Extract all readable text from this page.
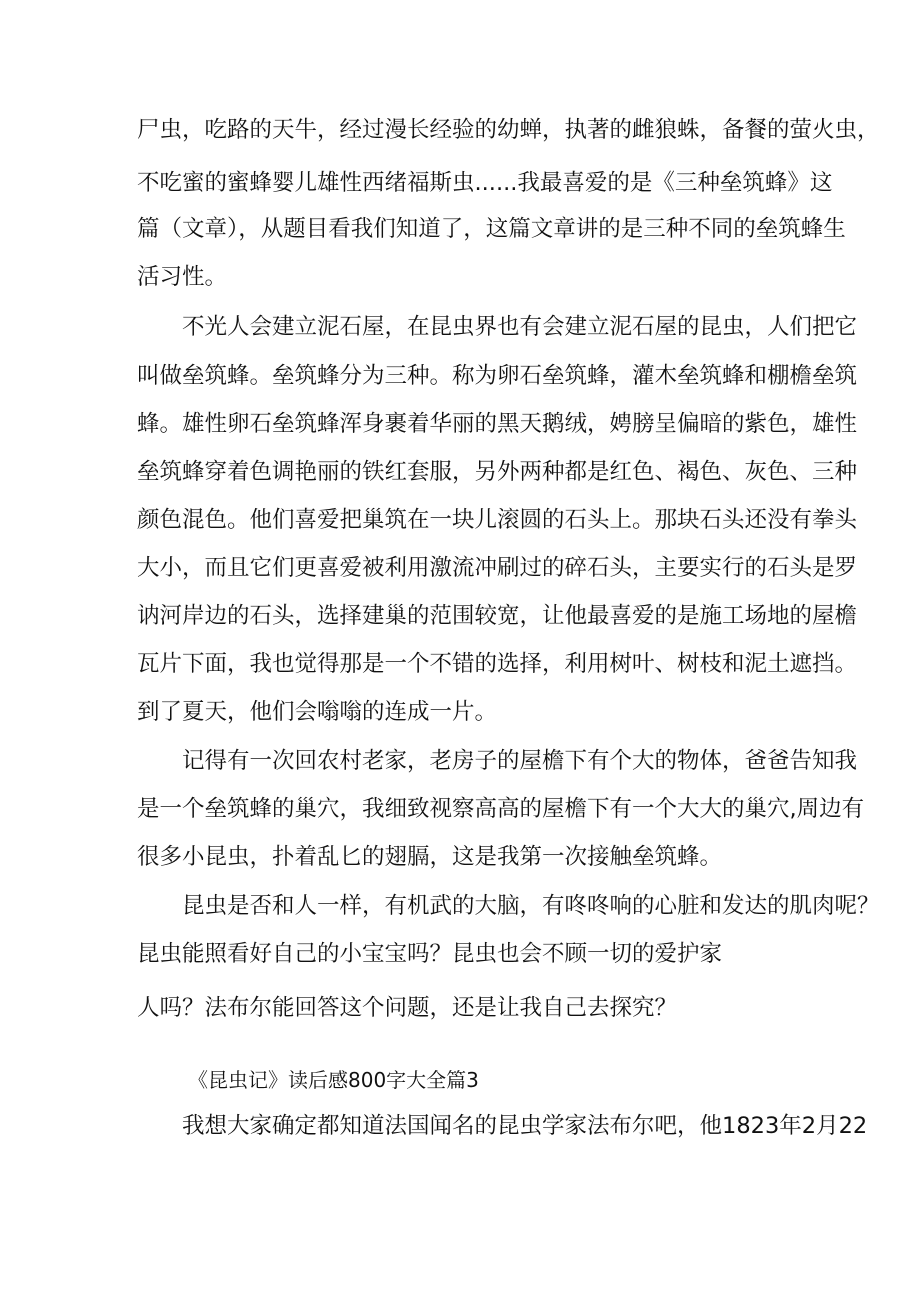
尸虫，吃路的天牛，经过漫长经验的幼蝉，执著的雌狼蛛，备餐的萤火虫，
不吃蜜的蜜蜂婴儿雄性西绪福斯虫......我最喜爱的是《三种垒筑蜂》这
篇（文章），从题目看我们知道了，这篇文章讲的是三种不同的垒筑蜂生
活习性。
不光人会建立泥石屋，在昆虫界也有会建立泥石屋的昆虫，人们把它
叫做垒筑蜂。垒筑蜂分为三种。称为卵石垒筑蜂，灌木垒筑蜂和棚檐垒筑
蜂。雄性卵石垒筑蜂浑身裹着华丽的黑天鹅绒，娉膀呈偏暗的紫色，雄性
垒筑蜂穿着色调艳丽的铁红套服，另外两种都是红色、褐色、灰色、三种
颜色混色。他们喜爱把巢筑在一块儿滚圆的石头上。那块石头还没有拳头
大小，而且它们更喜爱被利用激流冲刷过的碎石头，主要实行的石头是罗
讷河岸边的石头，选择建巢的范围较宽，让他最喜爱的是施工场地的屋檐
瓦片下面，我也觉得那是一个不错的选择，利用树叶、树枝和泥土遮挡。
到了夏天，他们会嗡嗡的连成一片。
记得有一次回农村老家，老房子的屋檐下有个大的物体，爸爸告知我
是一个垒筑蜂的巢穴，我细致视察高高的屋檐下有一个大大的巢穴,周边有
很多小昆虫，扑着乱匕的翅膈，这是我第一次接触垒筑蜂。
昆虫是否和人一样，有机武的大脑，有咚咚响的心脏和发达的肌肉呢？
昆虫能照看好自己的小宝宝吗？昆虫也会不顾一切的爱护家
人吗？法布尔能回答这个问题，还是让我自己去探究？
《昆虫记》读后感800字大全篇3
我想大家确定都知道法国闻名的昆虫学家法布尔吧，他1823年2月22
